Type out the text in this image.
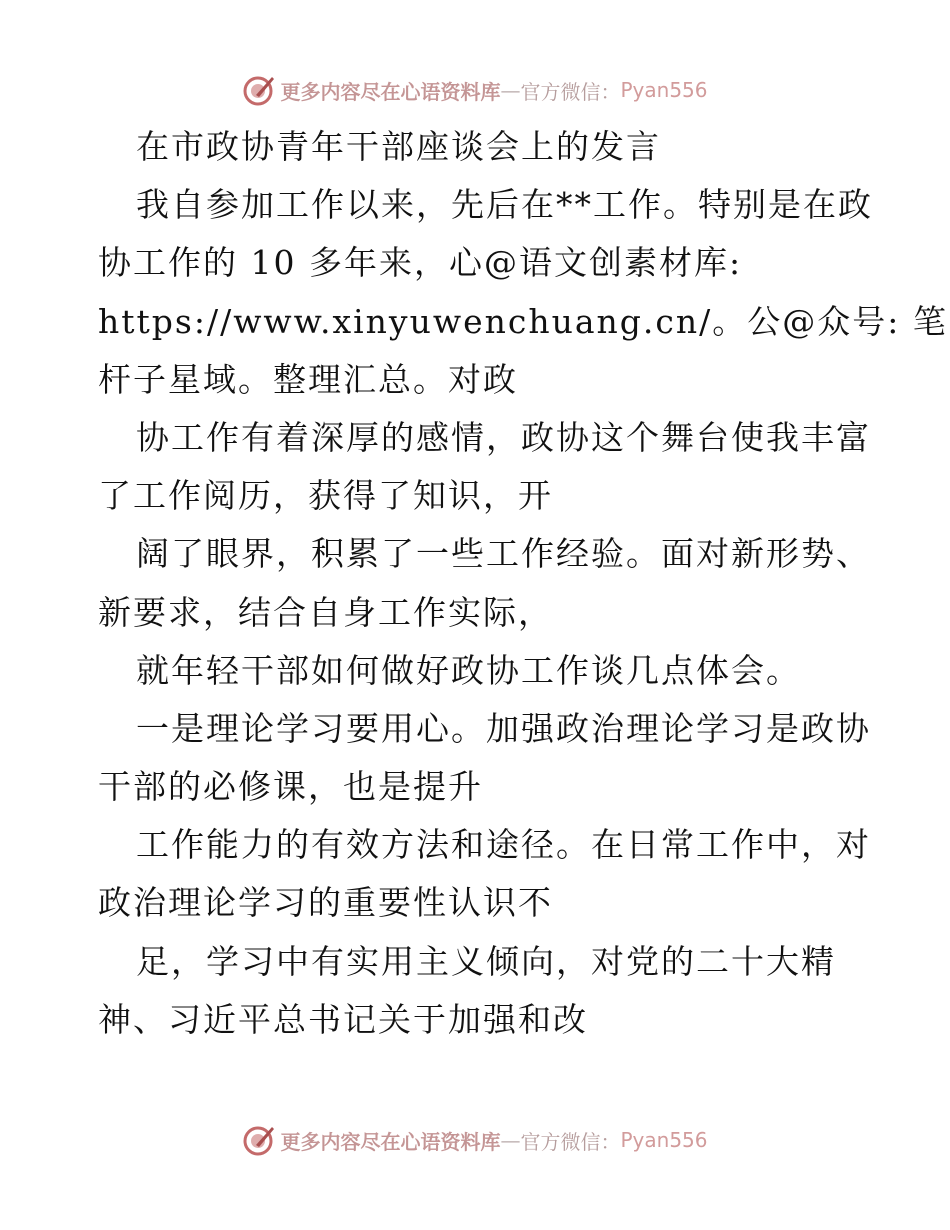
更多内容尽在心语资料库 — 官方微信： Pyan556
在市政协青年干部座谈会上的发言
我自参加工作以来，先后在**工作。特别是在政
协工作的 10 多年来，心@语文创素材库:
https://www.xinyuwenchuang.cn/。公@众号: 笔
杆子星域。整理汇总。对政
协工作有着深厚的感情，政协这个舞台使我丰富
了工作阅历，获得了知识，开
阔了眼界，积累了一些工作经验。面对新形势、
新要求，结合自身工作实际，
就年轻干部如何做好政协工作谈几点体会。
一是理论学习要用心。加强政治理论学习是政协
干部的必修课，也是提升
工作能力的有效方法和途径。在日常工作中，对
政治理论学习的重要性认识不
足，学习中有实用主义倾向，对党的二十大精
神、习近平总书记关于加强和改
更多内容尽在心语资料库 — 官方微信： Pyan556
